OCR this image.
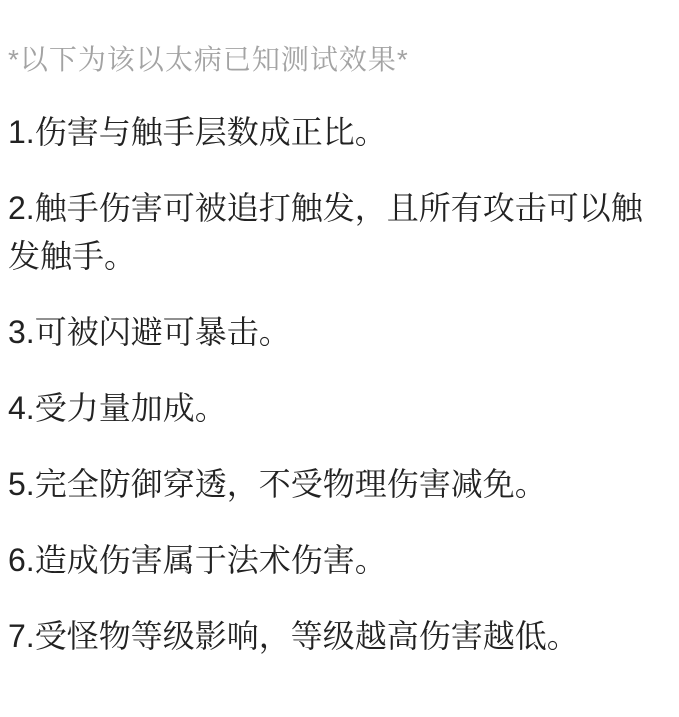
*以下为该以太病已知测试效果*

1.伤害与触手层数成正比。

2.触手伤害可被追打触发，且所有攻击可以触发触手。

3.可被闪避可暴击。

4.受力量加成。

5.完全防御穿透，不受物理伤害减免。

6.造成伤害属于法术伤害。

7.受怪物等级影响，等级越高伤害越低。
